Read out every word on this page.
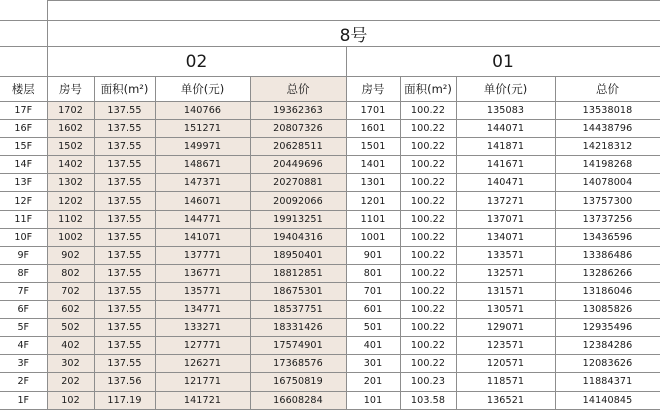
	8号							
	02				01			
楼层	房号	面积(m²)	单价(元)	总价	房号	面积(m²)	单价(元)	总价
17F	1702	137.55	140766	19362363	1701	100.22	135083	13538018
16F	1602	137.55	151271	20807326	1601	100.22	144071	14438796
15F	1502	137.55	149971	20628511	1501	100.22	141871	14218312
14F	1402	137.55	148671	20449696	1401	100.22	141671	14198268
13F	1302	137.55	147371	20270881	1301	100.22	140471	14078004
12F	1202	137.55	146071	20092066	1201	100.22	137271	13757300
11F	1102	137.55	144771	19913251	1101	100.22	137071	13737256
10F	1002	137.55	141071	19404316	1001	100.22	134071	13436596
9F	902	137.55	137771	18950401	901	100.22	133571	13386486
8F	802	137.55	136771	18812851	801	100.22	132571	13286266
7F	702	137.55	135771	18675301	701	100.22	131571	13186046
6F	602	137.55	134771	18537751	601	100.22	130571	13085826
5F	502	137.55	133271	18331426	501	100.22	129071	12935496
4F	402	137.55	127771	17574901	401	100.22	123571	12384286
3F	302	137.55	126271	17368576	301	100.22	120571	12083626
2F	202	137.56	121771	16750819	201	100.23	118571	11884371
1F	102	117.19	141721	16608284	101	103.58	136521	14140845
